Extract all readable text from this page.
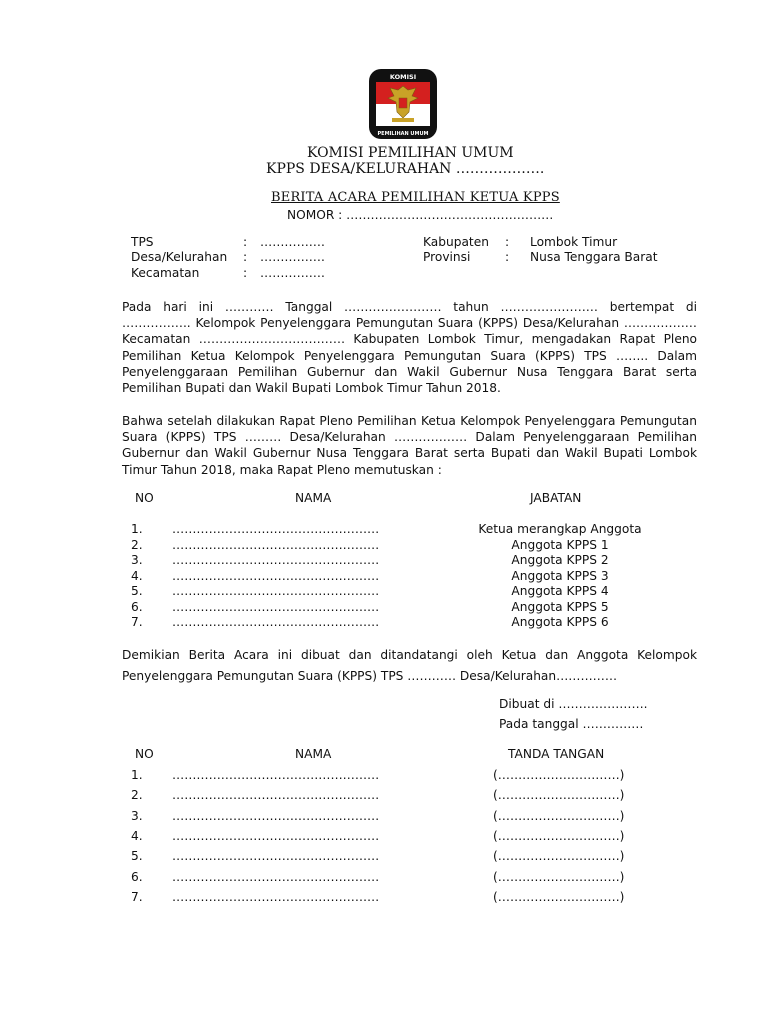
KOMISI
PEMILIHAN UMUM
KOMISI PEMILIHAN UMUM
KPPS DESA/KELURAHAN ……………….
BERITA ACARA PEMILIHAN KETUA KPPS
NOMOR : ……………………………………………
TPS	: …………….
Desa/Kelurahan : …………….
Kecamatan	: …………….
Kabupaten : Lombok Timur
Provinsi	: Nusa Tenggara Barat
Pada hari ini ………… Tanggal …………………… tahun …………………… bertempat di …………….. Kelompok Penyelenggara Pemungutan Suara (KPPS) Desa/Kelurahan ……………… Kecamatan ……………………………… Kabupaten Lombok Timur, mengadakan Rapat Pleno Pemilihan Ketua Kelompok Penyelenggara Pemungutan Suara (KPPS) TPS …….. Dalam Penyelenggaraan Pemilihan Gubernur dan Wakil Gubernur Nusa Tenggara Barat serta Pemilihan Bupati dan Wakil Bupati Lombok Timur Tahun 2018.
Bahwa setelah dilakukan Rapat Pleno Pemilihan Ketua Kelompok Penyelenggara Pemungutan Suara (KPPS) TPS ……… Desa/Kelurahan ……………… Dalam Penyelenggaraan Pemilihan Gubernur dan Wakil Gubernur Nusa Tenggara Barat serta Bupati dan Wakil Bupati Lombok Timur Tahun 2018, maka Rapat Pleno memutuskan :
NO	NAMA	JABATAN
1. ……………………………………………	Ketua merangkap Anggota
2. ……………………………………………	Anggota KPPS 1
3. ……………………………………………	Anggota KPPS 2
4. ……………………………………………	Anggota KPPS 3
5. ……………………………………………	Anggota KPPS 4
6. ……………………………………………	Anggota KPPS 5
7. ……………………………………………	Anggota KPPS 6
Demikian Berita Acara ini dibuat dan ditandatangi oleh Ketua dan Anggota Kelompok Penyelenggara Pemungutan Suara (KPPS) TPS ………… Desa/Kelurahan……………
Dibuat di ………………….
Pada tanggal ……………
NO	NAMA	TANDA TANGAN
1. ……………………………………………	(…………………………)
2. ……………………………………………	(…………………………)
3. ……………………………………………	(…………………………)
4. ……………………………………………	(…………………………)
5. ……………………………………………	(…………………………)
6. ……………………………………………	(…………………………)
7. ……………………………………………	(…………………………)
